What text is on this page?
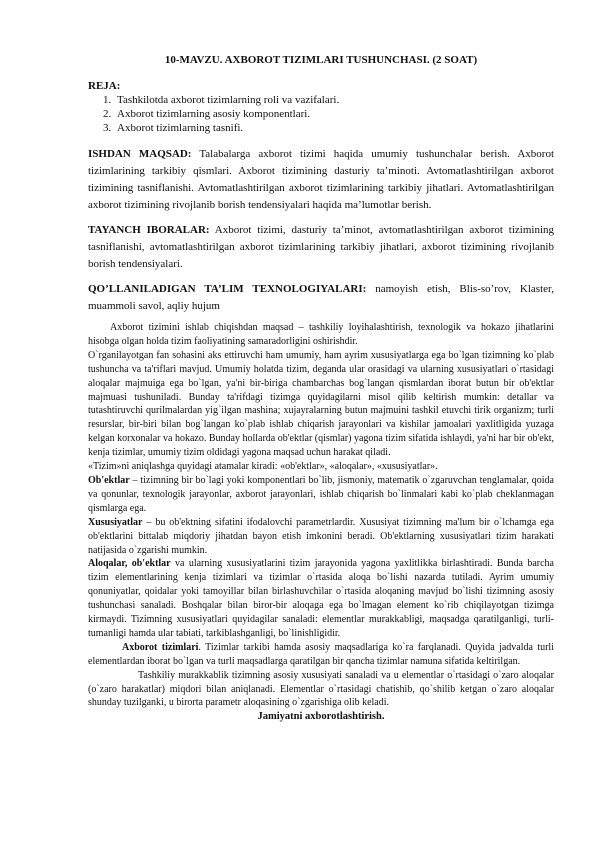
10-MAVZU. AXBOROT TIZIMLARI TUSHUNCHASI. (2 SOAT)
REJA:
1. Tashkilotda axborot tizimlarning roli va vazifalari.
2. Axborot tizimlarning asosiy komponentlari.
3. Axborot tizimlarning tasnifi.

ISHDAN MAQSAD: Talabalarga axborot tizimi haqida umumiy tushunchalar berish. Axborot tizimlarining tarkibiy qismlari. Axborot tizimining dasturiy ta’minoti. Avtomatlashtirilgan axborot tizimining tasniflanishi. Avtomatlashtirilgan axborot tizimlarining tarkibiy jihatlari. Avtomatlashtirilgan axborot tizimining rivojlanib borish tendensiyalari haqida ma’lumotlar berish.

TAYANCH IBORALAR: Axborot tizimi, dasturiy ta’minot, avtomatlashtirilgan axborot tizimining tasniflanishi, avtomatlashtirilgan axborot tizimlarining tarkibiy jihatlari, axborot tizimining rivojlanib borish tendensiyalari.

QO’LLANILADIGAN TA’LIM TEXNOLOGIYALARI: namoyish etish, Blis-so’rov, Klaster, muammoli savol, aqliy hujum

Axborot tizimini ishlab chiqishdan maqsad – tashkiliy loyihalashtirish, texnologik va hokazo jihatlarini hisobga olgan holda tizim faoliyatining samaradorligini oshirishdir.

O`rganilayotgan fan sohasini aks ettiruvchi ham umumiy, ham ayrim xususiyatlarga ega bo`lgan tizimning ko`plab tushuncha va ta'riflari mavjud. Umumiy holatda tizim, deganda ular orasidagi va ularning xususiyatlari o`rtasidagi aloqalar majmuiga ega bo`lgan, ya'ni bir-biriga chambarchas bog`langan qismlardan iborat butun bir ob'ektlar majmuasi tushuniladi. Bunday ta'rifdagi tizimga quyidagilarni misol qilib keltirish mumkin: detallar va tutashtiruvchi qurilmalardan yig`ilgan mashina; xujayralarning butun majmuini tashkil etuvchi tirik organizm; turli resurslar, bir-biri bilan bog`langan ko`plab ishlab chiqarish jarayonlari va kishilar jamoalari yaxlitligida yuzaga kelgan korxonalar va hokazo. Bunday hollarda ob'ektlar (qismlar) yagona tizim sifatida ishlaydi, ya'ni har bir ob'ekt, kenja tizimlar, umumiy tizim oldidagi yagona maqsad uchun harakat qiladi.

«Tizim»ni aniqlashga quyidagi atamalar kiradi: «ob'ektlar», «aloqalar», «xususiyatlar».

Ob'ektlar – tizimning bir bo`lagi yoki komponentlari bo`lib, jismoniy, matematik o`zgaruvchan tenglamalar, qoida va qonunlar, texnologik jarayonlar, axborot jarayonlari, ishlab chiqarish bo`linmalari kabi ko`plab cheklanmagan qismlarga ega.

Xususiyatlar – bu ob'ektning sifatini ifodalovchi parametrlardir. Xususiyat tizimning ma'lum bir o`lchamga ega ob'ektlarini bittalab miqdoriy jihatdan bayon etish imkonini beradi. Ob'ektlarning xususiyatlari tizim harakati natijasida o`zgarishi mumkin.

Aloqalar, ob'ektlar va ularning xususiyatlarini tizim jarayonida yagona yaxlitlikka birlashtiradi. Bunda barcha tizim elementlarining kenja tizimlari va tizimlar o`rtasida aloqa bo`lishi nazarda tutiladi. Ayrim umumiy qonuniyatlar, qoidalar yoki tamoyillar bilan birlashuvchilar o`rtasida aloqaning mavjud bo`lishi tizimning asosiy tushunchasi sanaladi. Boshqalar bilan biror-bir aloqaga ega bo`lmagan element ko`rib chiqilayotgan tizimga kirmaydi. Tizimning xususiyatlari quyidagilar sanaladi: elementlar murakkabligi, maqsadga qaratilganligi, turli-tumanligi hamda ular tabiati, tarkiblashganligi, bo`linishligidir.

Axborot tizimlari. Tizimlar tarkibi hamda asosiy maqsadlariga ko`ra farqlanadi. Quyida jadvalda turli elementlardan iborat bo`lgan va turli maqsadlarga qaratilgan bir qancha tizimlar namuna sifatida keltirilgan.

Tashkiliy murakkablik tizimning asosiy xususiyati sanaladi va u elementlar o`rtasidagi o`zaro aloqalar (o`zaro harakatlar) miqdori bilan aniqlanadi. Elementlar o`rtasidagi chatishib, qo`shilib ketgan o`zaro aloqalar shunday tuzilganki, u birorta parametr aloqasining o`zgarishiga olib keladi.

Jamiyatni axborotlashtirish.
